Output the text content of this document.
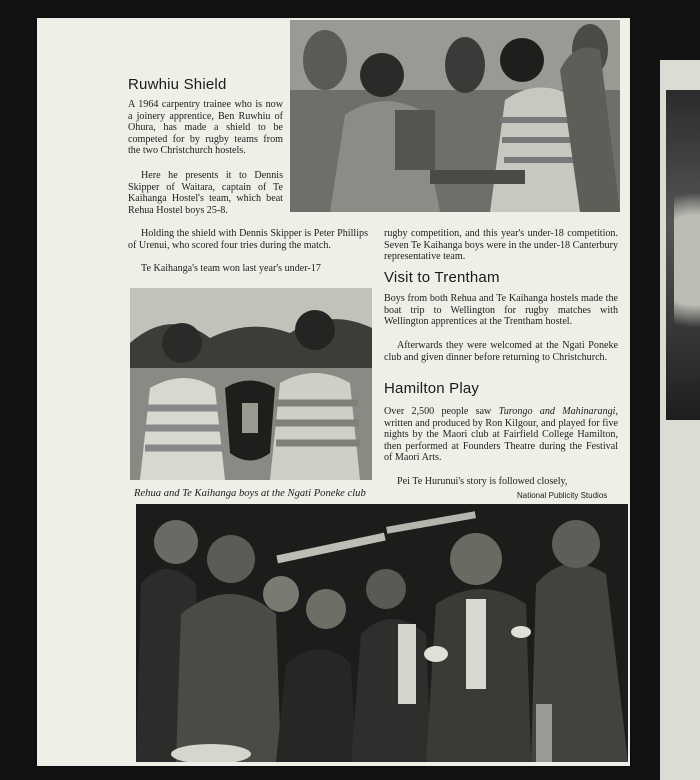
Ruwhiu Shield

A 1964 carpentry trainee who is now a joinery apprentice, Ben Ruwhiu of Ohura, has made a shield to be competed for by rugby teams from the two Christchurch hostels.

Here he presents it to Dennis Skipper of Waitara, captain of Te Kaihanga Hostel's team, which beat Rehua Hostel boys 25-8.

Holding the shield with Dennis Skipper is Peter Phillips of Urenui, who scored four tries during the match.

Te Kaihanga's team won last year's under-17

rugby competition, and this year's under-18 competition. Seven Te Kaihanga boys were in the under-18 Canterbury representative team.

Visit to Trentham

Boys from both Rehua and Te Kaihanga hostels made the boat trip to Wellington for rugby matches with Wellington apprentices at the Trentham hostel.

Afterwards they were welcomed at the Ngati Poneke club and given dinner before returning to Christchurch.

Hamilton Play

Over 2,500 people saw Turongo and Mahinarangi, written and produced by Ron Kilgour, and played for five nights by the Maori club at Fairfield College Hamilton, then performed at Founders Theatre during the Festival of Maori Arts.

Pei Te Hurunui's story is followed closely,

Rehua and Te Kaihanga boys at the Ngati Poneke club	National Publicity Studios
